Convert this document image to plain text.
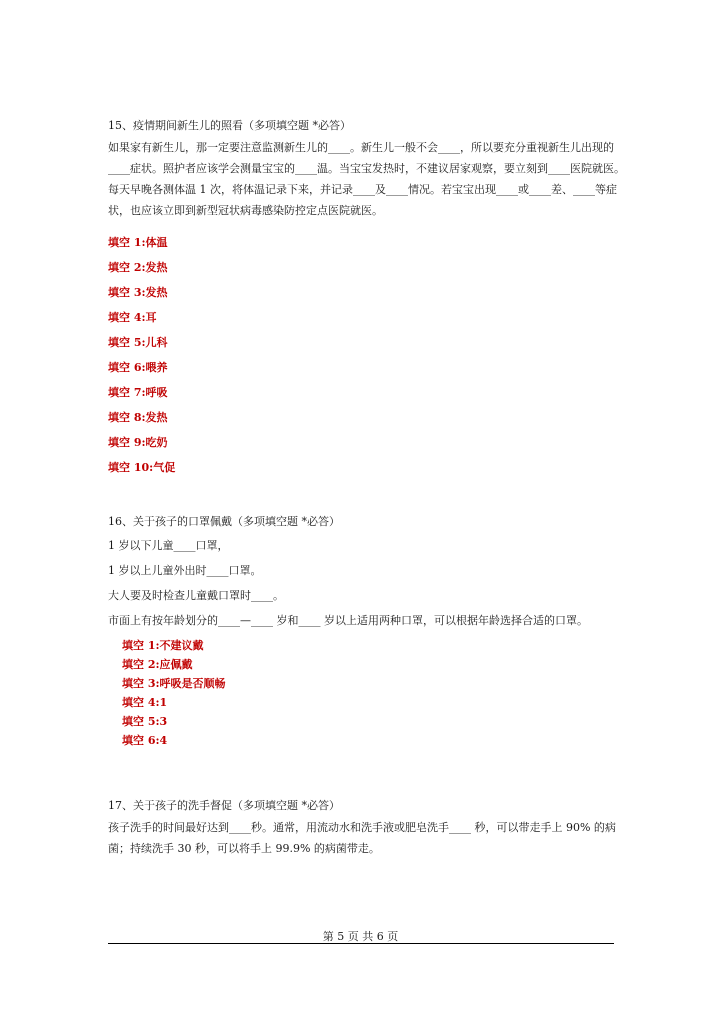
15、疫情期间新生儿的照看（多项填空题 *必答）
如果家有新生儿，那一定要注意监测新生儿的____。新生儿一般不会____，所以要充分重视新生儿出现的
____症状。照护者应该学会测量宝宝的____温。当宝宝发热时，不建议居家观察，要立刻到____医院就医。
每天早晚各测体温 1 次，将体温记录下来，并记录____及____情况。若宝宝出现____或____差、____等症
状，也应该立即到新型冠状病毒感染防控定点医院就医。
填空 1:体温
填空 2:发热
填空 3:发热
填空 4:耳
填空 5:儿科
填空 6:喂养
填空 7:呼吸
填空 8:发热
填空 9:吃奶
填空 10:气促
16、关于孩子的口罩佩戴（多项填空题 *必答）
1 岁以下儿童____口罩，
1 岁以上儿童外出时____口罩。
大人要及时检查儿童戴口罩时____。
市面上有按年龄划分的____—____ 岁和____ 岁以上适用两种口罩，可以根据年龄选择合适的口罩。
填空 1:不建议戴
填空 2:应佩戴
填空 3:呼吸是否顺畅
填空 4:1
填空 5:3
填空 6:4
17、关于孩子的洗手督促（多项填空题 *必答）
孩子洗手的时间最好达到____秒。通常，用流动水和洗手液或肥皂洗手____ 秒，可以带走手上 90% 的病
菌；持续洗手 30 秒，可以将手上 99.9% 的病菌带走。
第 5 页 共 6 页
